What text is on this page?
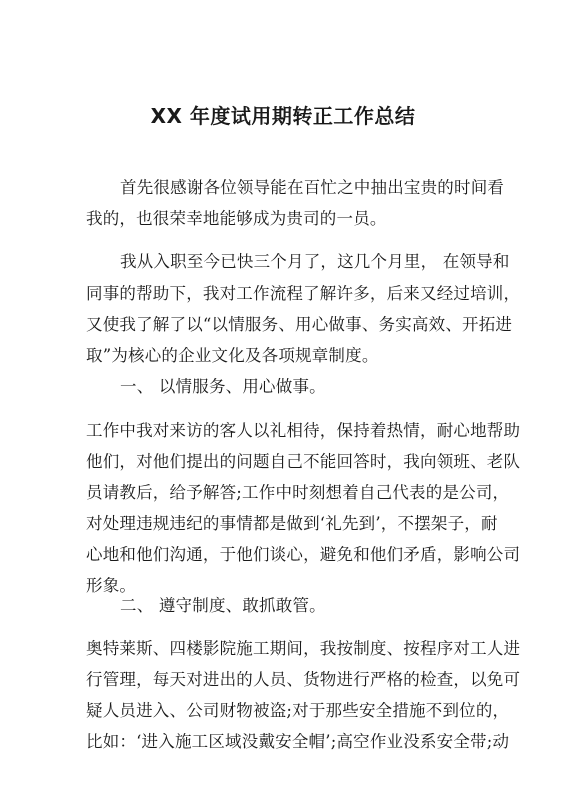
XX 年度试用期转正工作总结
首先很感谢各位领导能在百忙之中抽出宝贵的时间看
我的，也很荣幸地能够成为贵司的一员。
我从入职至今已快三个月了，这几个月里， 在领导和
同事的帮助下，我对工作流程了解许多，后来又经过培训，
又使我了解了以“以情服务、用心做事、务实高效、开拓进
取”为核心的企业文化及各项规章制度。
一、 以情服务、用心做事。
工作中我对来访的客人以礼相待，保持着热情，耐心地帮助
他们，对他们提出的问题自己不能回答时，我向领班、老队
员请教后，给予解答;工作中时刻想着自己代表的是公司，
对处理违规违纪的事情都是做到‘礼先到’，不摆架子，耐
心地和他们沟通，于他们谈心，避免和他们矛盾，影响公司
形象。
二、 遵守制度、敢抓敢管。
奥特莱斯、四楼影院施工期间，我按制度、按程序对工人进
行管理，每天对进出的人员、货物进行严格的检查，以免可
疑人员进入、公司财物被盗;对于那些安全措施不到位的，
比如：‘进入施工区域没戴安全帽’;高空作业没系安全带;动
